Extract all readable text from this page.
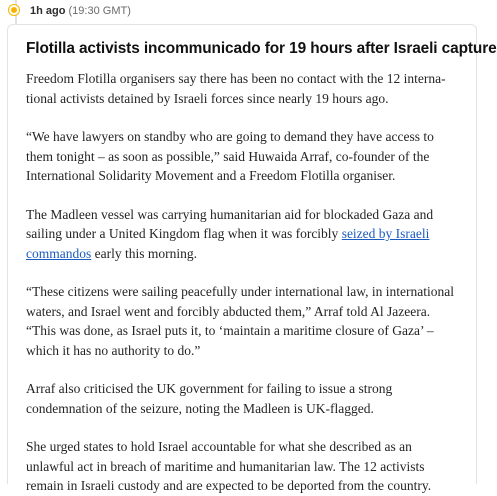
1h ago (19:30 GMT)
Flotilla activists incommunicado for 19 hours after Israeli capture

Freedom Flotilla organisers say there has been no contact with the 12 interna-tional activists detained by Israeli forces since nearly 19 hours ago.

“We have lawyers on standby who are going to demand they have access to them tonight – as soon as possible,” said Huwaida Arraf, co-founder of the International Solidarity Movement and a Freedom Flotilla organiser.

The Madleen vessel was carrying humanitarian aid for blockaded Gaza and sailing under a United Kingdom flag when it was forcibly seized by Israeli commandos early this morning.

“These citizens were sailing peacefully under international law, in international waters, and Israel went and forcibly abducted them,” Arraf told Al Jazeera. “This was done, as Israel puts it, to ‘maintain a maritime closure of Gaza’ – which it has no authority to do.”

Arraf also criticised the UK government for failing to issue a strong condemnation of the seizure, noting the Madleen is UK-flagged.

She urged states to hold Israel accountable for what she described as an unlawful act in breach of maritime and humanitarian law. The 12 activists remain in Israeli custody and are expected to be deported from the country.
